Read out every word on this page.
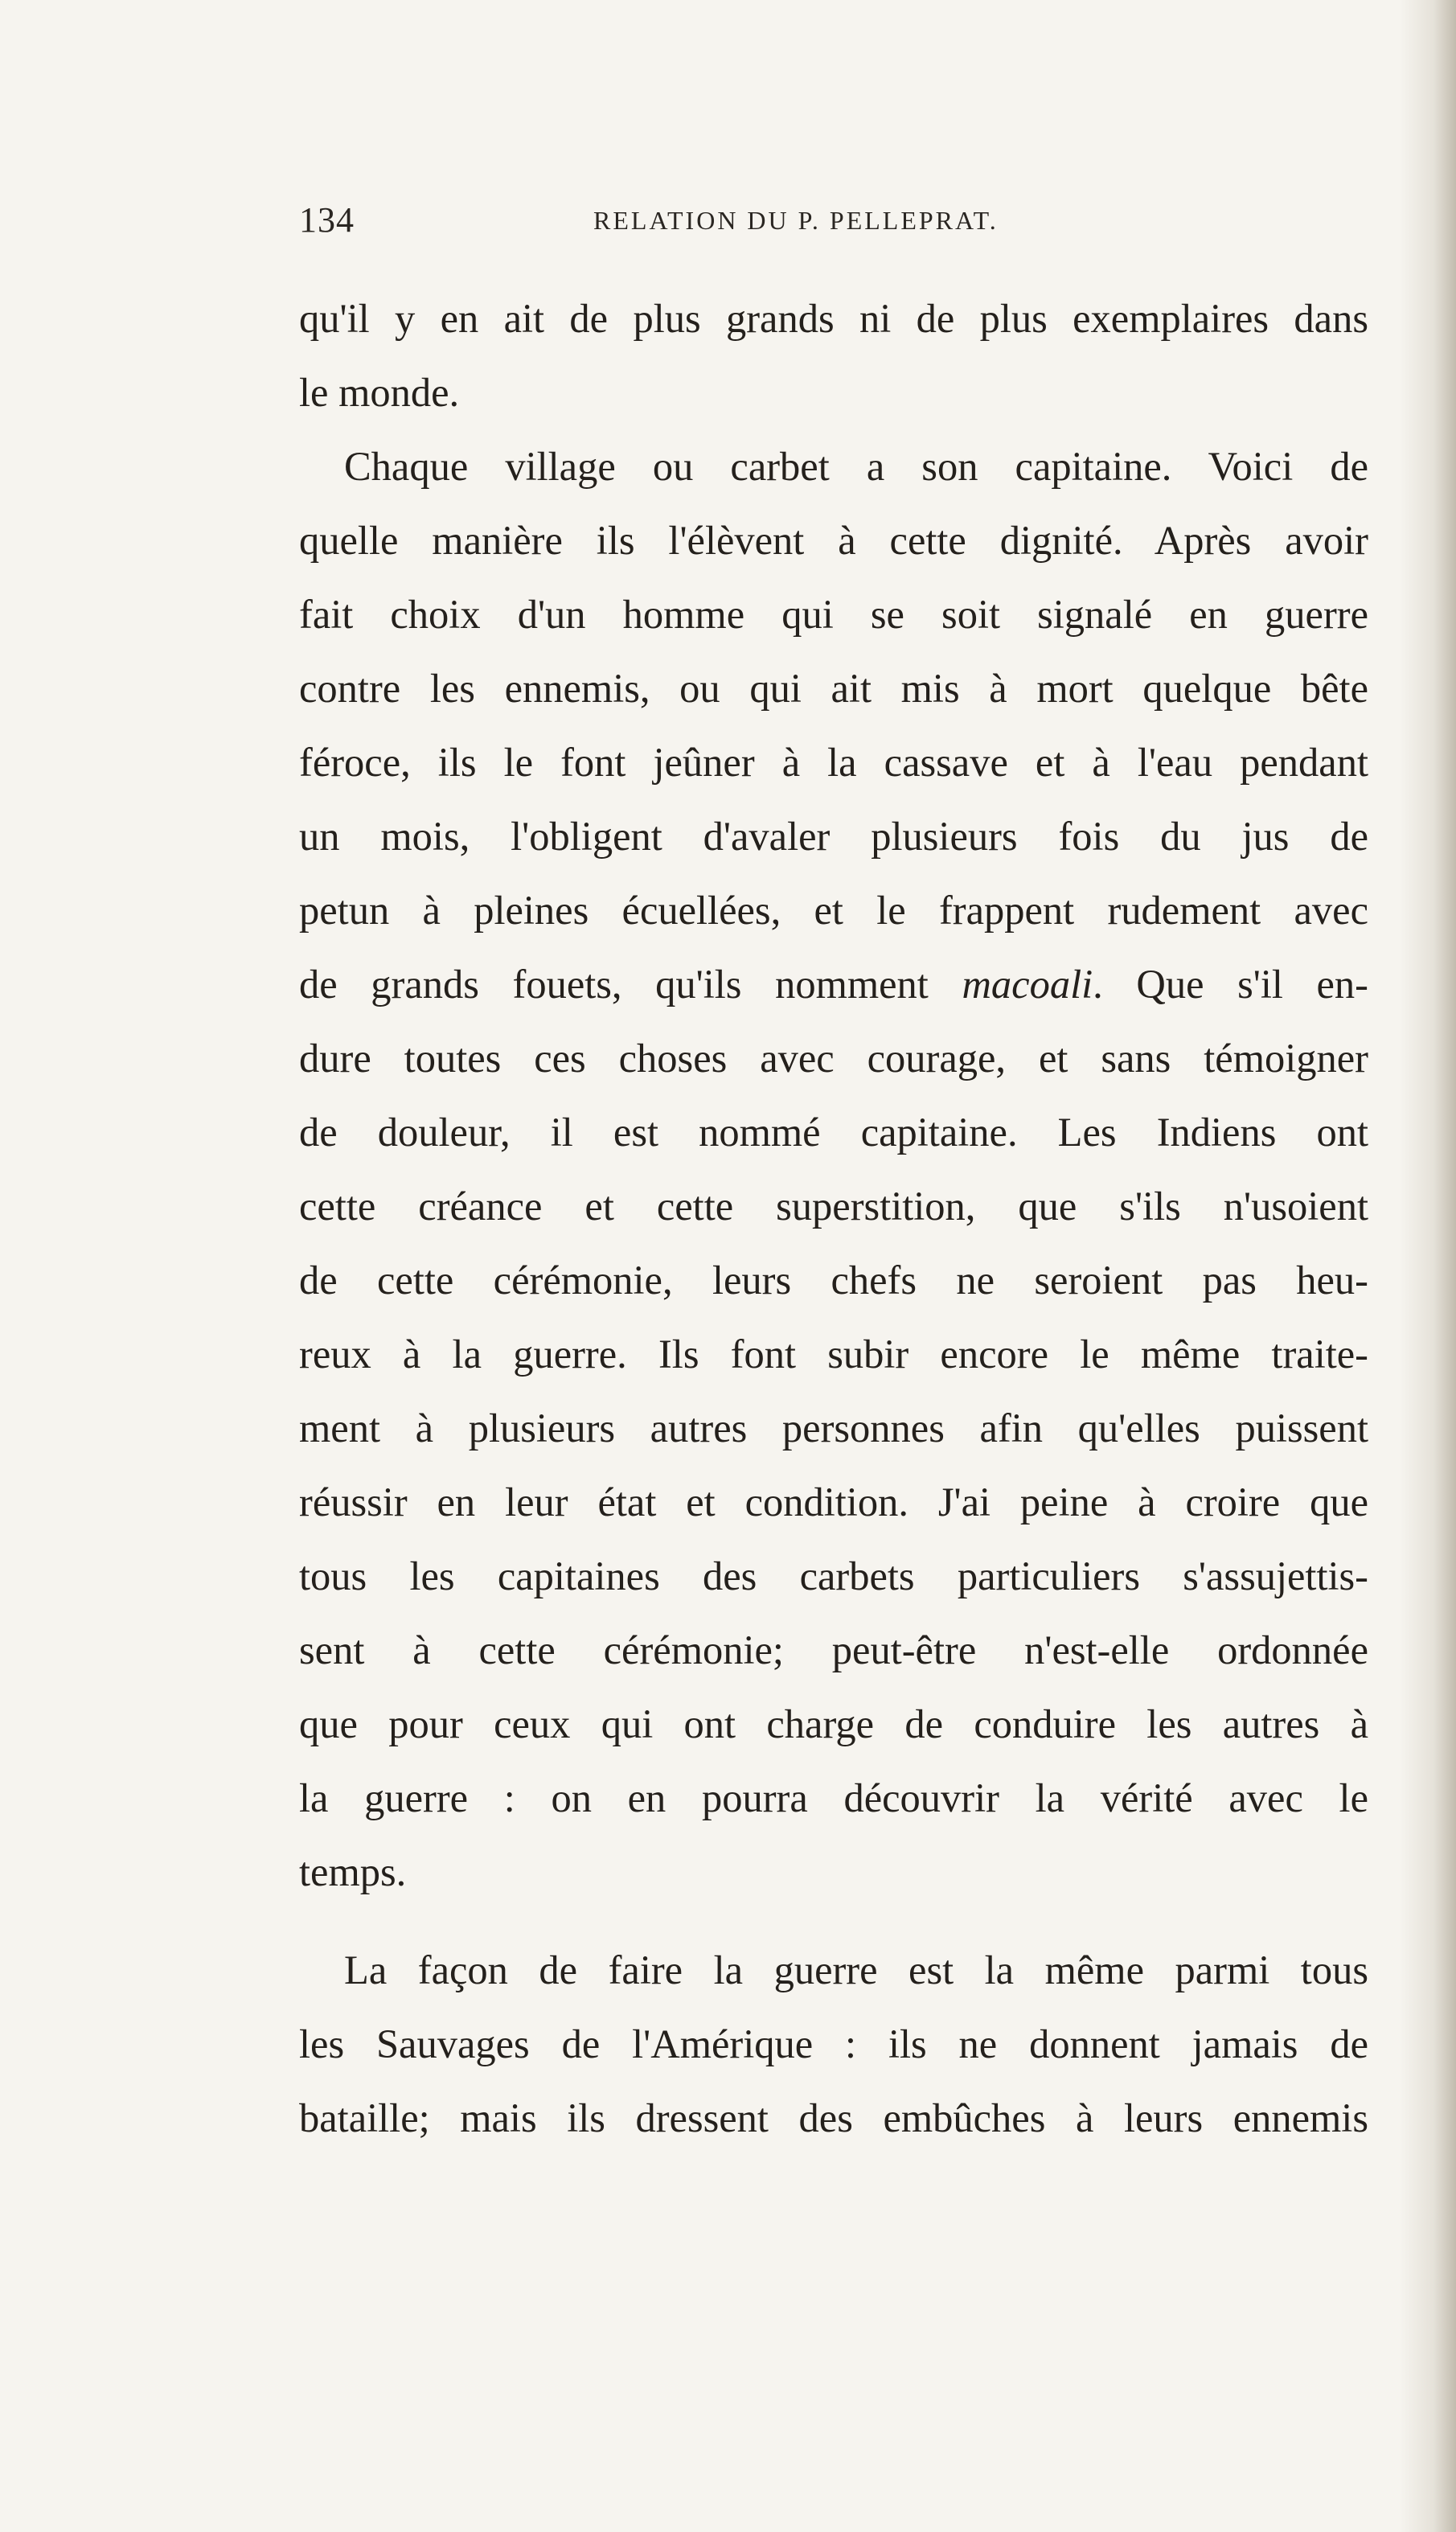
134	RELATION DU P. PELLEPRAT.
qu'il y en ait de plus grands ni de plus exemplaires dans
le monde.
Chaque village ou carbet a son capitaine. Voici de
quelle manière ils l'élèvent à cette dignité. Après avoir
fait choix d'un homme qui se soit signalé en guerre
contre les ennemis, ou qui ait mis à mort quelque bête
féroce, ils le font jeûner à la cassave et à l'eau pendant
un mois, l'obligent d'avaler plusieurs fois du jus de
petun à pleines écuellées, et le frappent rudement avec
de grands fouets, qu'ils nomment macoali. Que s'il en-
dure toutes ces choses avec courage, et sans témoigner
de douleur, il est nommé capitaine. Les Indiens ont
cette créance et cette superstition, que s'ils n'usoient
de cette cérémonie, leurs chefs ne seroient pas heu-
reux à la guerre. Ils font subir encore le même traite-
ment à plusieurs autres personnes afin qu'elles puissent
réussir en leur état et condition. J'ai peine à croire que
tous les capitaines des carbets particuliers s'assujettis-
sent à cette cérémonie; peut-être n'est-elle ordonnée
que pour ceux qui ont charge de conduire les autres à
la guerre : on en pourra découvrir la vérité avec le
temps.
La façon de faire la guerre est la même parmi tous
les Sauvages de l'Amérique : ils ne donnent jamais de
bataille; mais ils dressent des embûches à leurs ennemis
